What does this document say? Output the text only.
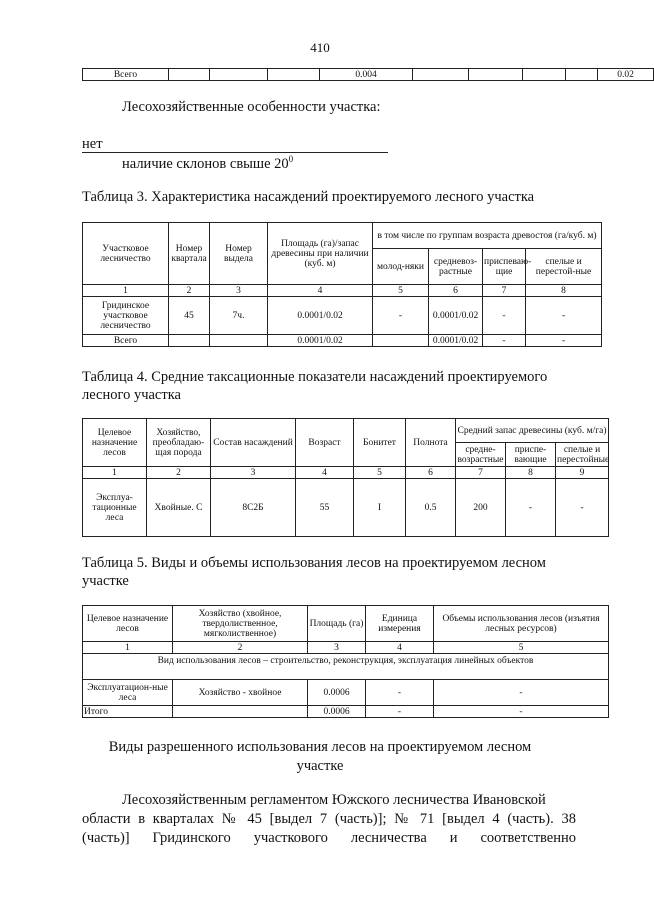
410
Всего				0.004					0.02
Лесохозяйственные особенности участка:
нет
наличие склонов свыше $20^0$
Таблица 3. Характеристика насаждений проектируемого лесного участка
Участковое лесничество	Номер квартала	Номер выдела	Площадь (га)/запас древесины при наличии (куб. м)	в том числе по группам возраста древостоя (га/куб. м)			
				молод-няки	средневоз-растные	приспеваю-щие	спелые и перестой-ные
1	2	3	4	5	6	7	8
Гридинское участковое лесничество	45	7ч.	0.0001/0.02	-	0.0001/0.02	-	-
Всего			0.0001/0.02		0.0001/0.02	-	-
Таблица 4. Средние таксационные показатели насаждений проектируемого
лесного участка
Целевое назначение лесов	Хозяйство, преобладаю-щая порода	Состав насаждений	Возраст	Бонитет	Полнота	Средний запас древесины (куб. м/га)		
						средне-возрастные	приспе-вающие	спелые и перестойные
1	2	3	4	5	6	7	8	9
Эксплуа-тационные леса	Хвойные. С	8С2Б	55	I	0.5	200	-	-
Таблица 5. Виды и объемы использования лесов на проектируемом лесном
участке
Целевое назначение лесов	Хозяйство (хвойное, твердолиственное, мягколиственное)	Площадь (га)	Единица измерения	Объемы использования лесов (изъятия лесных ресурсов)
1	2	3	4	5
Вид использования лесов – строительство, реконструкция, эксплуатация линейных объектов				
Эксплуатацион-ные леса	Хозяйство - хвойное	0.0006	-	-
Итого		0.0006	-	-
Виды разрешенного использования лесов на проектируемом лесном
участке
Лесохозяйственным регламентом Южского лесничества Ивановской
области в кварталах № 45 [выдел 7 (часть)]; № 71 [выдел 4 (часть). 38
(часть)] Гридинского участкового лесничества и соответственно
